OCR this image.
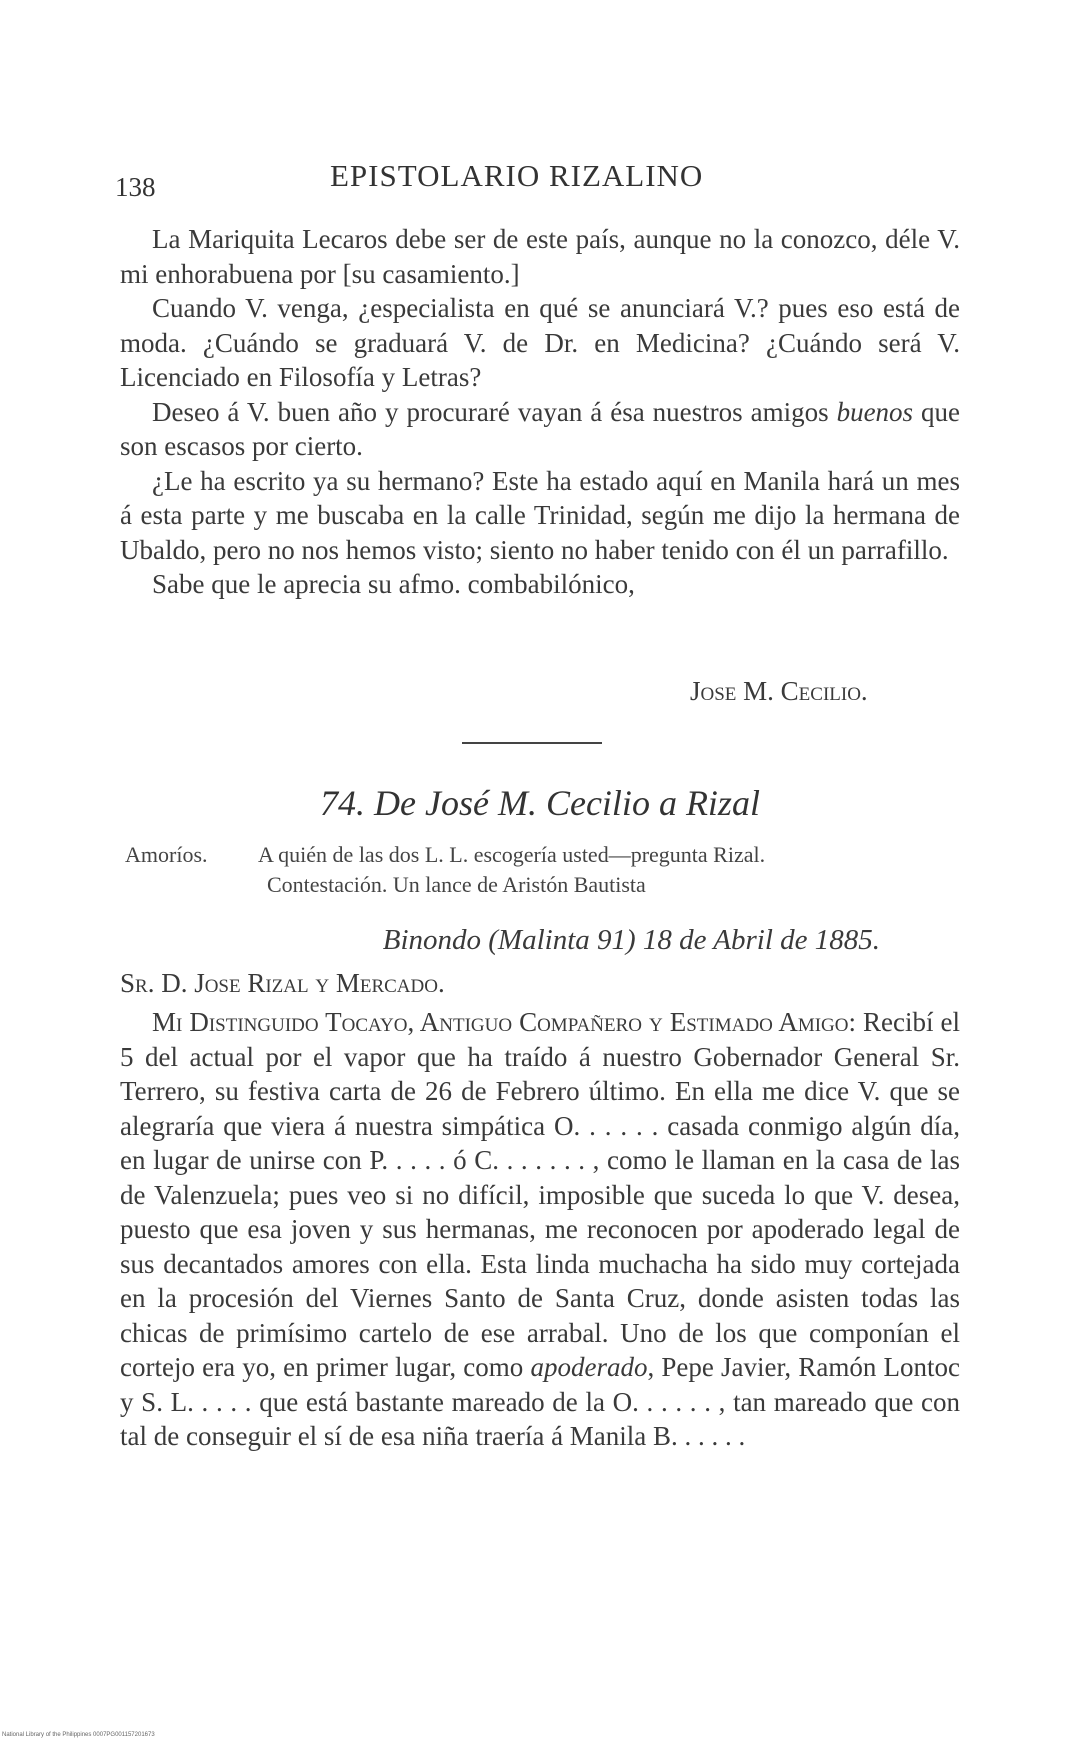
138	EPISTOLARIO RIZALINO

La Mariquita Lecaros debe ser de este país, aunque no la conozco, déle V. mi enhorabuena por [su casamiento.]

Cuando V. venga, ¿especialista en qué se anunciará V.? pues eso está de moda. ¿Cuándo se graduará V. de Dr. en Medicina? ¿Cuándo será V. Licenciado en Filosofía y Letras?

Deseo á V. buen año y procuraré vayan á ésa nuestros amigos buenos que son escasos por cierto.

¿Le ha escrito ya su hermano? Este ha estado aquí en Manila hará un mes á esta parte y me buscaba en la calle Trinidad, según me dijo la hermana de Ubaldo, pero no nos hemos visto; siento no haber tenido con él un parrafillo.

Sabe que le aprecia su afmo. combabilónico,

Jose M. Cecilio.
74. De José M. Cecilio a Rizal
Amoríos. A quién de las dos L. L. escogería usted—pregunta Rizal.
Contestación. Un lance de Aristón Bautista
Binondo (Malinta 91) 18 de Abril de 1885.
Sr. D. Jose Rizal y Mercado.

Mi Distinguido Tocayo, Antiguo Compañero y Estimado Amigo: Recibí el 5 del actual por el vapor que ha traído á nuestro Gobernador General Sr. Terrero, su festiva carta de 26 de Febrero último. En ella me dice V. que se alegraría que viera á nuestra simpática O. . . . . . casada conmigo algún día, en lugar de unirse con P. . . . . ó C. . . . . . . , como le llaman en la casa de las de Valenzuela; pues veo si no difícil, imposible que suceda lo que V. desea, puesto que esa joven y sus hermanas, me reconocen por apoderado legal de sus decantados amores con ella. Esta linda muchacha ha sido muy cortejada en la procesión del Viernes Santo de Santa Cruz, donde asisten todas las chicas de primísimo cartelo de ese arrabal. Uno de los que componían el cortejo era yo, en primer lugar, como apoderado, Pepe Javier, Ramón Lontoc y S. L. . . . . que está bastante mareado de la O. . . . . . , tan mareado que con tal de conseguir el sí de esa niña traería á Manila B. . . . . .

National Library of the Philippines 0007PG001157201673
